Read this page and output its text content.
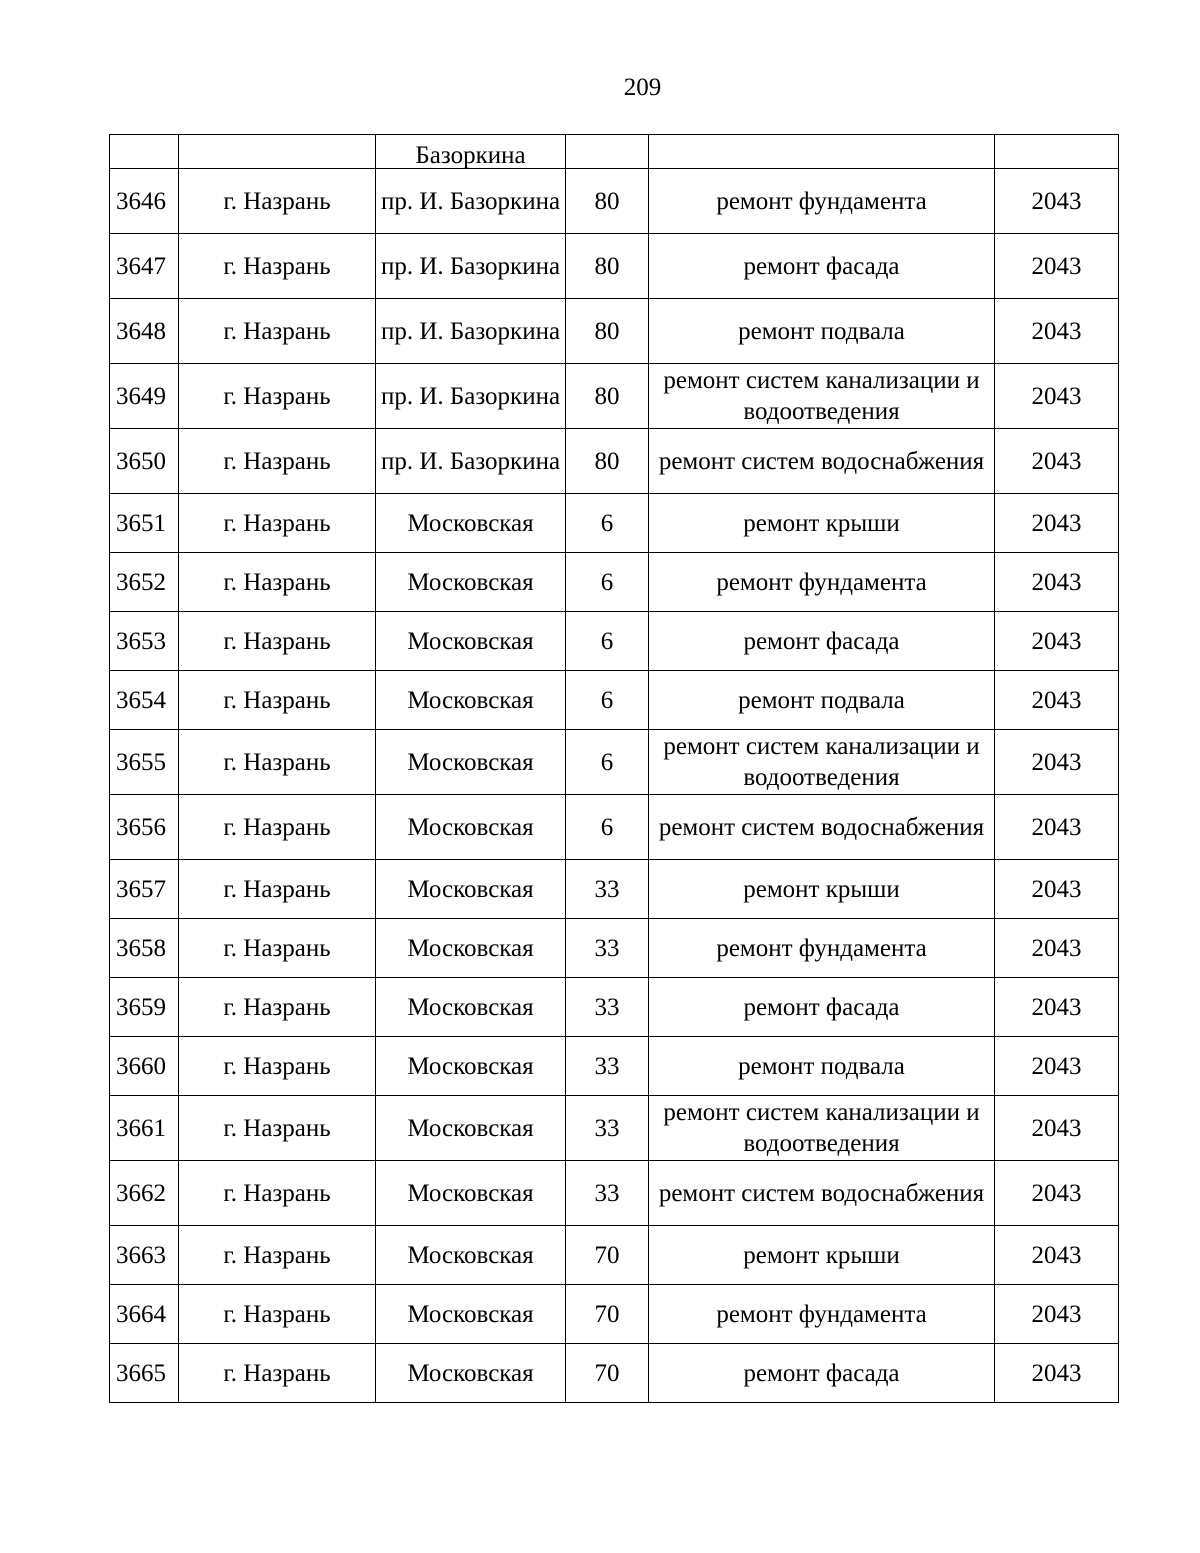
209
		Базоркина			
3646	г. Назрань	пр. И. Базоркина	80	ремонт фундамента	2043
3647	г. Назрань	пр. И. Базоркина	80	ремонт фасада	2043
3648	г. Назрань	пр. И. Базоркина	80	ремонт подвала	2043
3649	г. Назрань	пр. И. Базоркина	80	ремонт систем канализации и водоотведения	2043
3650	г. Назрань	пр. И. Базоркина	80	ремонт систем водоснабжения	2043
3651	г. Назрань	Московская	6	ремонт крыши	2043
3652	г. Назрань	Московская	6	ремонт фундамента	2043
3653	г. Назрань	Московская	6	ремонт фасада	2043
3654	г. Назрань	Московская	6	ремонт подвала	2043
3655	г. Назрань	Московская	6	ремонт систем канализации и водоотведения	2043
3656	г. Назрань	Московская	6	ремонт систем водоснабжения	2043
3657	г. Назрань	Московская	33	ремонт крыши	2043
3658	г. Назрань	Московская	33	ремонт фундамента	2043
3659	г. Назрань	Московская	33	ремонт фасада	2043
3660	г. Назрань	Московская	33	ремонт подвала	2043
3661	г. Назрань	Московская	33	ремонт систем канализации и водоотведения	2043
3662	г. Назрань	Московская	33	ремонт систем водоснабжения	2043
3663	г. Назрань	Московская	70	ремонт крыши	2043
3664	г. Назрань	Московская	70	ремонт фундамента	2043
3665	г. Назрань	Московская	70	ремонт фасада	2043
